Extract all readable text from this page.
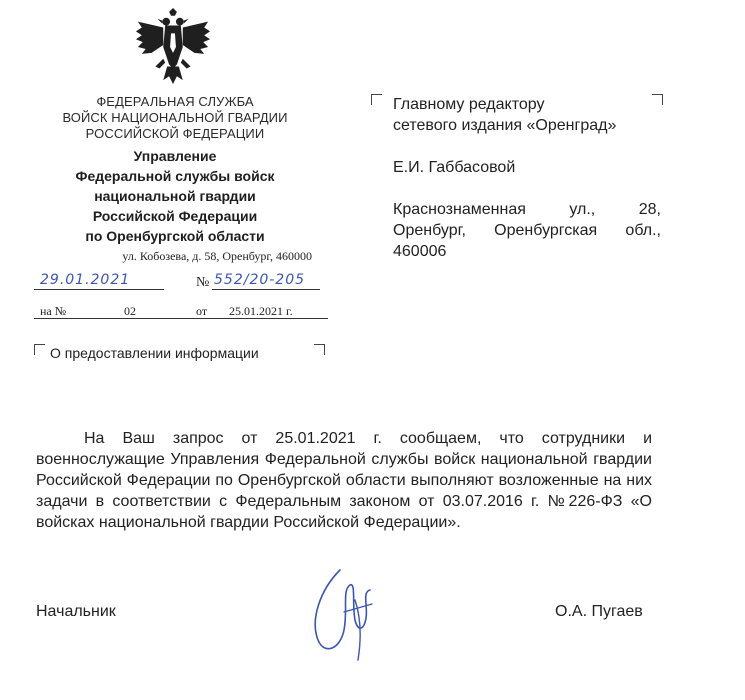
ФЕДЕРАЛЬНАЯ СЛУЖБА
ВОЙСК НАЦИОНАЛЬНОЙ ГВАРДИИ
РОССИЙСКОЙ ФЕДЕРАЦИИ
Управление
Федеральной службы войск
национальной гвардии
Российской Федерации
по Оренбургской области
ул. Кобозева, д. 58, Оренбург, 460000
29.01.2021	№ 552/20-205
на №	02	от 25.01.2021 г.
О предоставлении информации
Главному редактору
сетевого издания «Оренград»
Е.И. Габбасовой
Краснознаменная ул., 28,
Оренбург, Оренбургская обл.,
460006
На Ваш запрос от 25.01.2021 г. сообщаем, что сотрудники и военнослужащие Управления Федеральной службы войск национальной гвардии Российской Федерации по Оренбургской области выполняют возложенные на них задачи в соответствии с Федеральным законом от 03.07.2016 г. №226-ФЗ «О войсках национальной гвардии Российской Федерации».
Начальник	О.А. Пугаев
